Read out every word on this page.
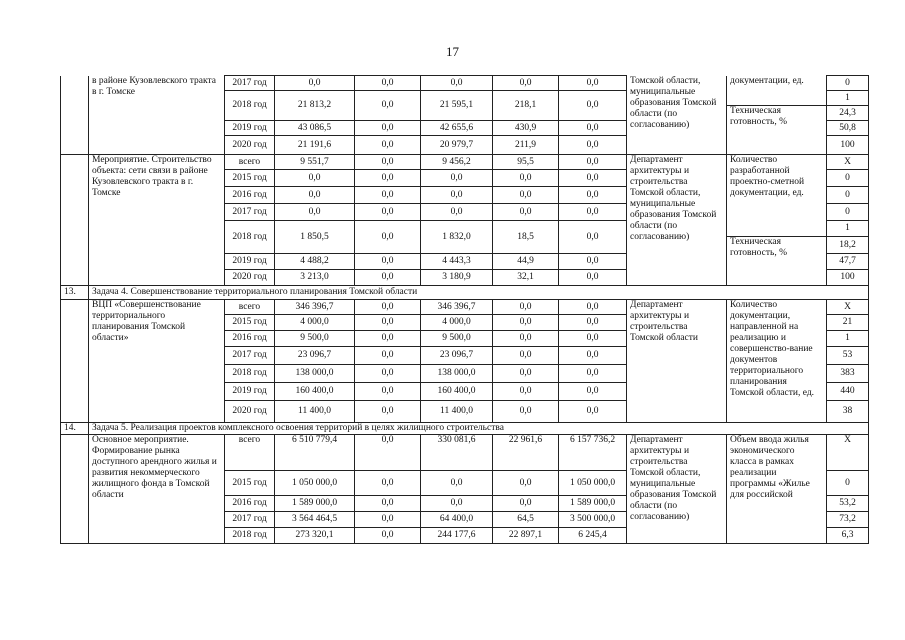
17
	в районе Кузовлевского тракта в г. Томске	2017 год	0,0	0,0	0,0	0,0	0,0	Томской области, муниципальные образования Томской области (по согласованию)	документации, ед.	0
		2018 год	21 813,2	0,0	21 595,1	218,1	0,0			1
									Техническая готовность, %	24,3
		2019 год	43 086,5	0,0	42 655,6	430,9	0,0			50,8
		2020 год	21 191,6	0,0	20 979,7	211,9	0,0			100

	Мероприятие. Строительство объекта: сети связи в районе Кузовлевского тракта в г. Томске	всего	9 551,7	0,0	9 456,2	95,5	0,0	Департамент архитектуры и строительства Томской области, муниципальные образования Томской области (по согласованию)	Количество разработанной проектно-сметной документации, ед.	X
		2015 год	0,0	0,0	0,0	0,0	0,0			0
		2016 год	0,0	0,0	0,0	0,0	0,0			0
		2017 год	0,0	0,0	0,0	0,0	0,0			0
		2018 год	1 850,5	0,0	1 832,0	18,5	0,0			1
									Техническая готовность, %	18,2
		2019 год	4 488,2	0,0	4 443,3	44,9	0,0			47,7
		2020 год	3 213,0	0,0	3 180,9	32,1	0,0			100
13.	Задача 4. Совершенствование территориального планирования Томской области									
	ВЦП «Совершенствование территориального планирования Томской области»	всего	346 396,7	0,0	346 396,7	0,0	0,0	Департамент архитектуры и строительства Томской области	Количество документации, направленной на реализацию и совершенство-вание документов территориального планирования Томской области, ед.	X
		2015 год	4 000,0	0,0	4 000,0	0,0	0,0			21
		2016 год	9 500,0	0,0	9 500,0	0,0	0,0			1
		2017 год	23 096,7	0,0	23 096,7	0,0	0,0			53
		2018 год	138 000,0	0,0	138 000,0	0,0	0,0			383
		2019 год	160 400,0	0,0	160 400,0	0,0	0,0			440
		2020 год	11 400,0	0,0	11 400,0	0,0	0,0			38
14.	Задача 5. Реализация проектов комплексного освоения территорий в целях жилищного строительства									
	Основное мероприятие. Формирование рынка доступного арендного жилья и развития некоммерческого жилищного фонда в Томской области	всего	6 510 779,4	0,0	330 081,6	22 961,6	6 157 736,2	Департамент архитектуры и строительства Томской области, муниципальные образования Томской области (по согласованию)	Объем ввода жилья экономического класса в рамках реализации программы «Жилье для российской	X
		2015 год	1 050 000,0	0,0	0,0	0,0	1 050 000,0			0
		2016 год	1 589 000,0	0,0	0,0	0,0	1 589 000,0			53,2
		2017 год	3 564 464,5	0,0	64 400,0	64,5	3 500 000,0			73,2
		2018 год	273 320,1	0,0	244 177,6	22 897,1	6 245,4			6,3
